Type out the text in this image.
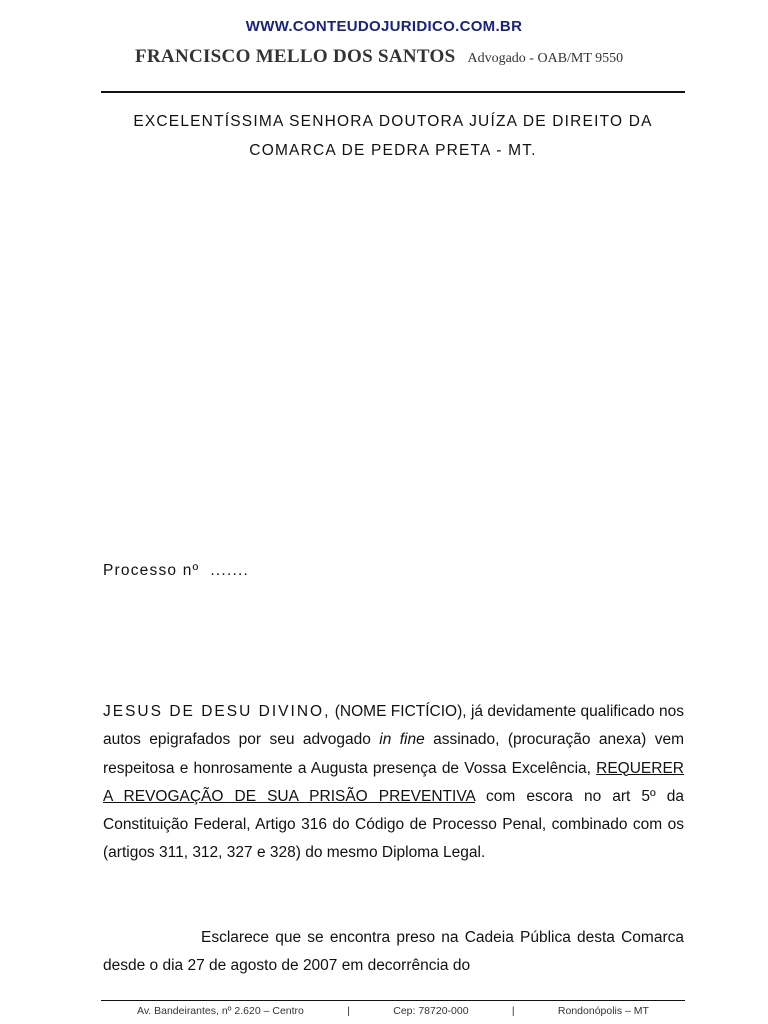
WWW.CONTEUDOJURIDICO.COM.BR
FRANCISCO MELLO DOS SANTOS Advogado - OAB/MT 9550
EXCELENTÍSSIMA SENHORA DOUTORA JUÍZA DE DIREITO DA
COMARCA DE PEDRA PRETA - MT.
Processo nº .......

JESUS DE DESU DIVINO, (NOME FICTÍCIO), já devidamente qualificado nos autos epigrafados por seu advogado in fine assinado, (procuração anexa) vem respeitosa e honrosamente a Augusta presença de Vossa Excelência, REQUERER A REVOGAÇÃO DE SUA PRISÃO PREVENTIVA com escora no art 5º da Constituição Federal, Artigo 316 do Código de Processo Penal, combinado com os (artigos 311, 312, 327 e 328) do mesmo Diploma Legal.

Esclarece que se encontra preso na Cadeia Pública desta Comarca desde o dia 27 de agosto de 2007 em decorrência do

Av. Bandeirantes, nº 2.620 – Centro	|	Cep: 78720-000	|	Rondonópolis – MT
